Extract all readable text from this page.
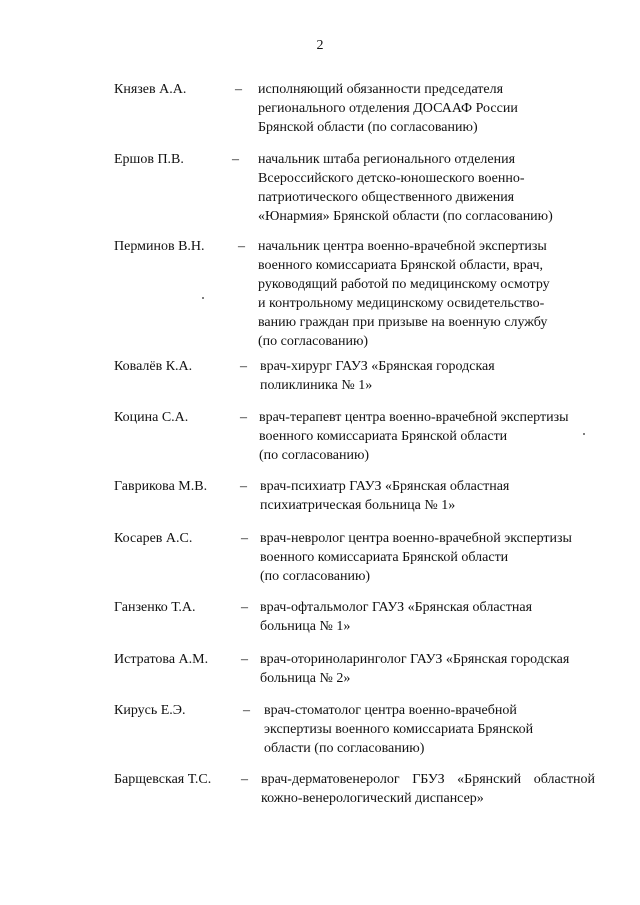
2
Князев А.А.	– исполняющий обязанности председателя
регионального отделения ДОСААФ России
Брянской области (по согласованию)
Ершов П.В.	– начальник штаба регионального отделения
Всероссийского детско-юношеского военно-
патриотического общественного движения
«Юнармия» Брянской области (по согласованию)
Перминов В.Н. – начальник центра военно-врачебной экспертизы
военного комиссариата Брянской области, врач,
руководящий работой по медицинскому осмотру
и контрольному медицинскому освидетельство-
ванию граждан при призыве на военную службу
(по согласованию)
Ковалёв К.А.	– врач-хирург ГАУЗ «Брянская городская
поликлиника № 1»
Коцина С.А.	– врач-терапевт центра военно-врачебной экспертизы
военного комиссариата Брянской области
(по согласованию)
Гаврикова М.В. – врач-психиатр ГАУЗ «Брянская областная
психиатрическая больница № 1»
Косарев А.С.	– врач-невролог центра военно-врачебной экспертизы
военного комиссариата Брянской области
(по согласованию)
Ганзенко Т.А.	– врач-офтальмолог ГАУЗ «Брянская областная
больница № 1»
Истратова А.М. – врач-оториноларинголог ГАУЗ «Брянская городская
больница № 2»
Кирусь Е.Э.	– врач-стоматолог центра военно-врачебной
экспертизы военного комиссариата Брянской
области (по согласованию)
Барщевская Т.С. – врач-дерматовенеролог ГБУЗ «Брянский областной
кожно-венерологический диспансер»
